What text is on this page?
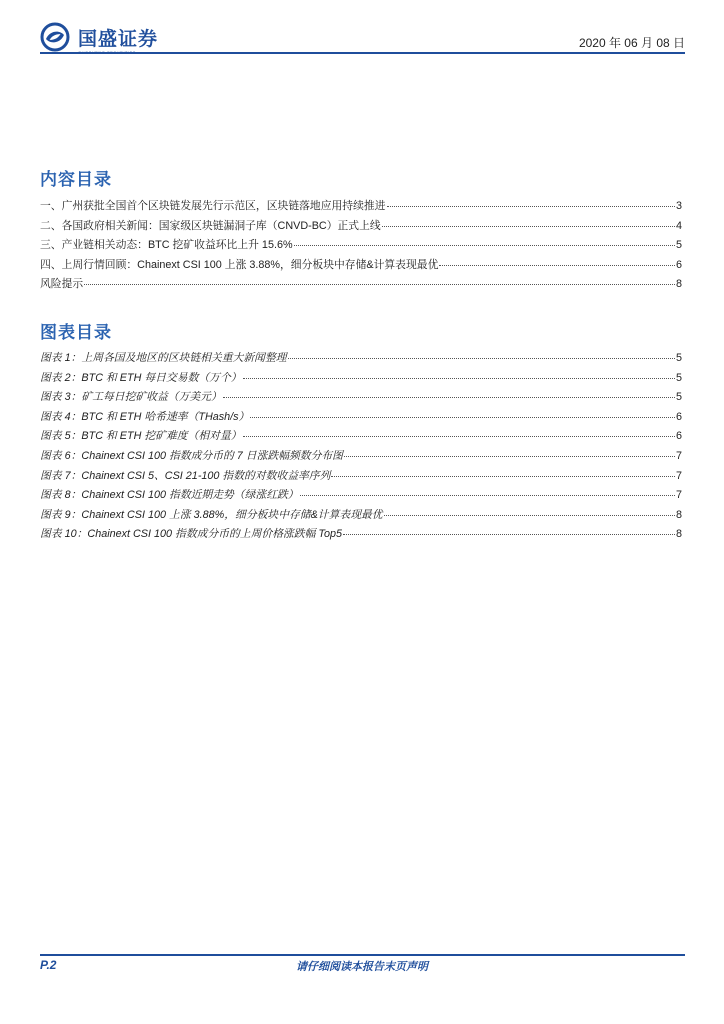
国盛证券	2020 年 06 月 08 日
内容目录
一、广州获批全国首个区块链发展先行示范区，区块链落地应用持续推进	3
二、各国政府相关新闻：国家级区块链漏洞子库（CNVD-BC）正式上线	4
三、产业链相关动态：BTC 挖矿收益环比上升 15.6%	5
四、上周行情回顾：Chainext CSI 100 上涨 3.88%，细分板块中存储&计算表现最优	6
风险提示	8
图表目录
图表 1：上周各国及地区的区块链相关重大新闻整理	5
图表 2：BTC 和 ETH 每日交易数（万个）	5
图表 3：矿工每日挖矿收益（万美元）	5
图表 4：BTC 和 ETH 哈希速率（THash/s）	6
图表 5：BTC 和 ETH 挖矿难度（相对量）	6
图表 6：Chainext CSI 100 指数成分币的 7 日涨跌幅频数分布图	7
图表 7：Chainext CSI 5、CSI 21-100 指数的对数收益率序列	7
图表 8：Chainext CSI 100 指数近期走势（绿涨红跌）	7
图表 9：Chainext CSI 100 上涨 3.88%，细分板块中存储&计算表现最优	8
图表 10：Chainext CSI 100 指数成分币的上周价格涨跌幅 Top5	8
P.2	请仔细阅读本报告末页声明
